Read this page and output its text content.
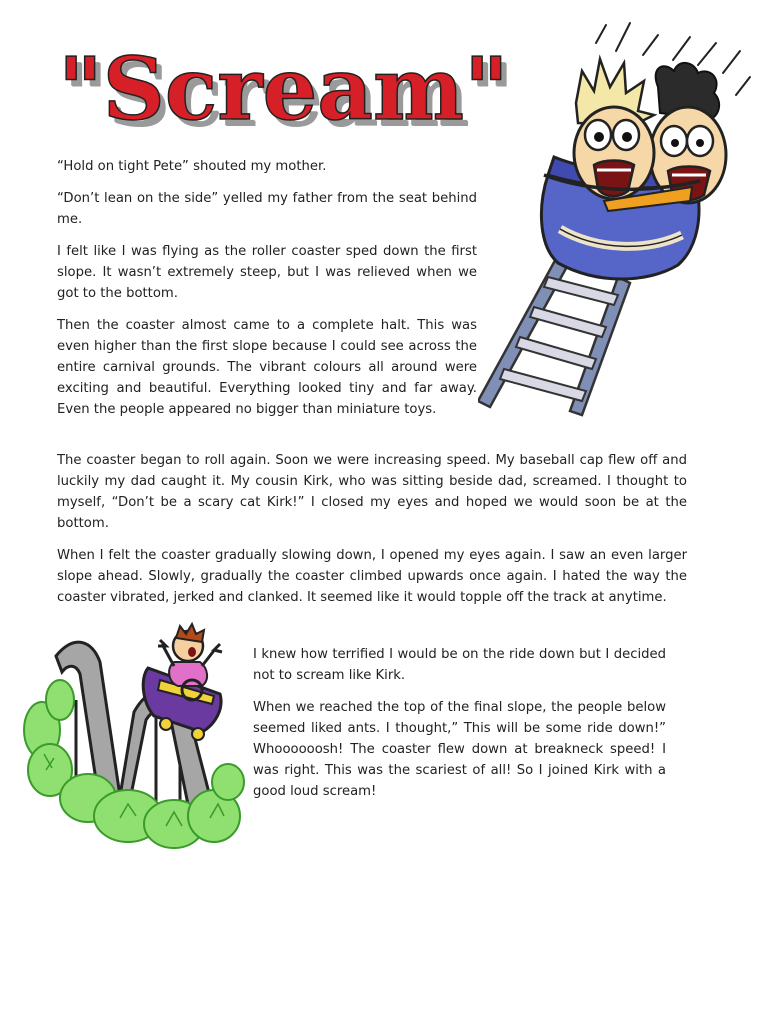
"Scream"

“Hold on tight Pete” shouted my mother.

“Don’t lean on the side” yelled my father from the seat behind me.

I felt like I was flying as the roller coaster sped down the first slope. It wasn’t extremely steep, but I was relieved when we got to the bottom.

Then the coaster almost came to a complete halt. This was even higher than the first slope because I could see across the entire carnival grounds. The vibrant colours all around were exciting and beautiful. Everything looked tiny and far away. Even the people appeared no bigger than miniature toys.

The coaster began to roll again. Soon we were increasing speed. My baseball cap flew off and luckily my dad caught it. My cousin Kirk, who was sitting beside dad, screamed. I thought to myself, “Don’t be a scary cat Kirk!” I closed my eyes and hoped we would soon be at the bottom.

When I felt the coaster gradually slowing down, I opened my eyes again. I saw an even larger slope ahead. Slowly, gradually the coaster climbed upwards once again. I hated the way the coaster vibrated, jerked and clanked. It seemed like it would topple off the track at anytime.

I knew how terrified I would be on the ride down but I decided not to scream like Kirk.

When we reached the top of the final slope, the people below seemed liked ants. I thought,” This will be some ride down!” Whoooooosh! The coaster flew down at breakneck speed! I was right. This was the scariest of all! So I joined Kirk with a good loud scream!
